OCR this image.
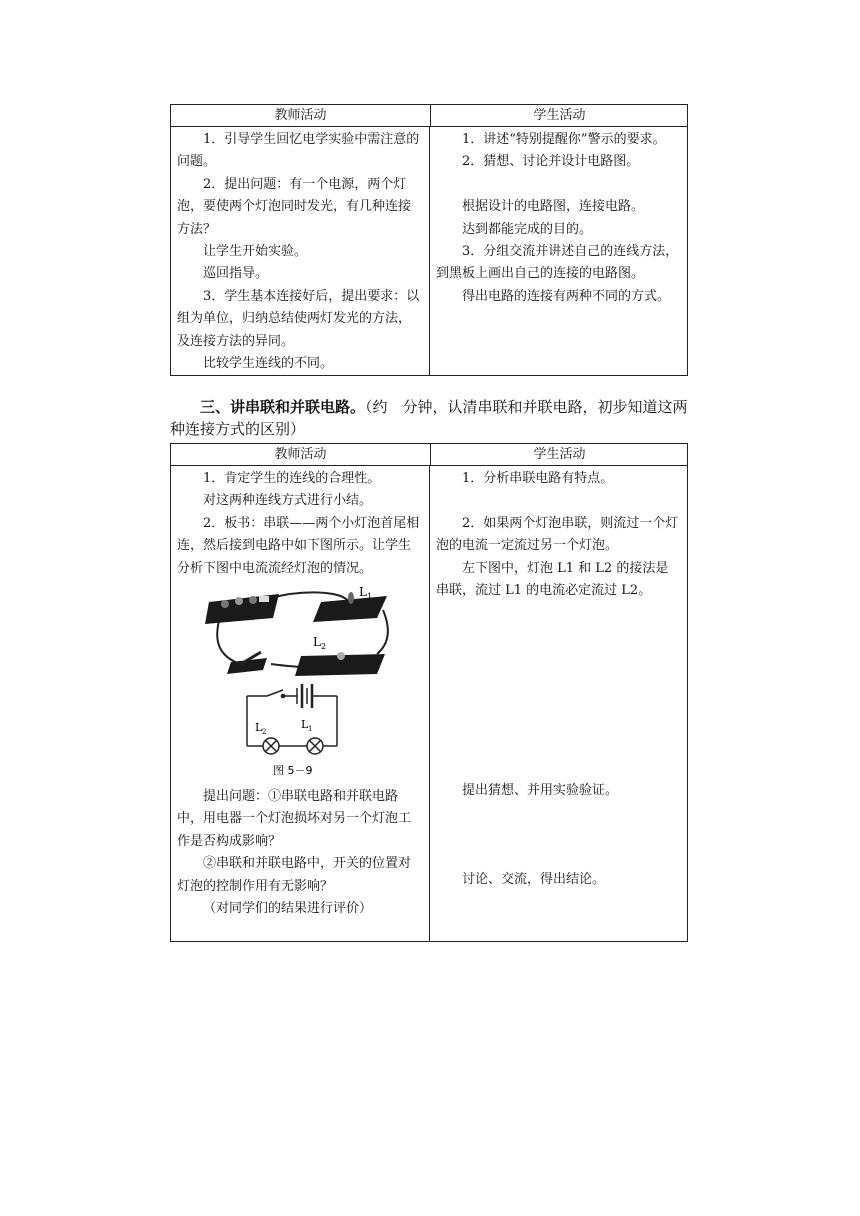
教师活动	学生活动

1．引导学生回忆电学实验中需注意的问题。

2．提出问题：有一个电源，两个灯泡，要使两个灯泡同时发光，有几种连接方法？

让学生开始实验。

巡回指导。

3．学生基本连接好后，提出要求：以组为单位，归纳总结使两灯发光的方法，及连接方法的异同。

比较学生连线的不同。

1．讲述“特别提醒你”警示的要求。

2．猜想、讨论并设计电路图。

根据设计的电路图，连接电路。

达到都能完成的目的。

3．分组交流并讲述自己的连线方法，到黑板上画出自己的连接的电路图。

得出电路的连接有两种不同的方式。

三、讲串联和并联电路。（约　分钟，认清串联和并联电路，初步知道这两种连接方式的区别）
教师活动	学生活动

1．肯定学生的连线的合理性。

对这两种连线方式进行小结。

2．板书：串联——两个小灯泡首尾相连，然后接到电路中如下图所示。让学生分析下图中电流流经灯泡的情况。

L 1
L 2
L 2
L 1
图 5－9

提出问题：①串联电路和并联电路中，用电器一个灯泡损坏对另一个灯泡工作是否构成影响？

②串联和并联电路中，开关的位置对灯泡的控制作用有无影响？

（对同学们的结果进行评价）

1．分析串联电路有特点。

2．如果两个灯泡串联，则流过一个灯泡的电流一定流过另一个灯泡。

左下图中，灯泡 L1 和 L2 的接法是串联，流过 L1 的电流必定流过 L2。

提出猜想、并用实验验证。

讨论、交流，得出结论。
